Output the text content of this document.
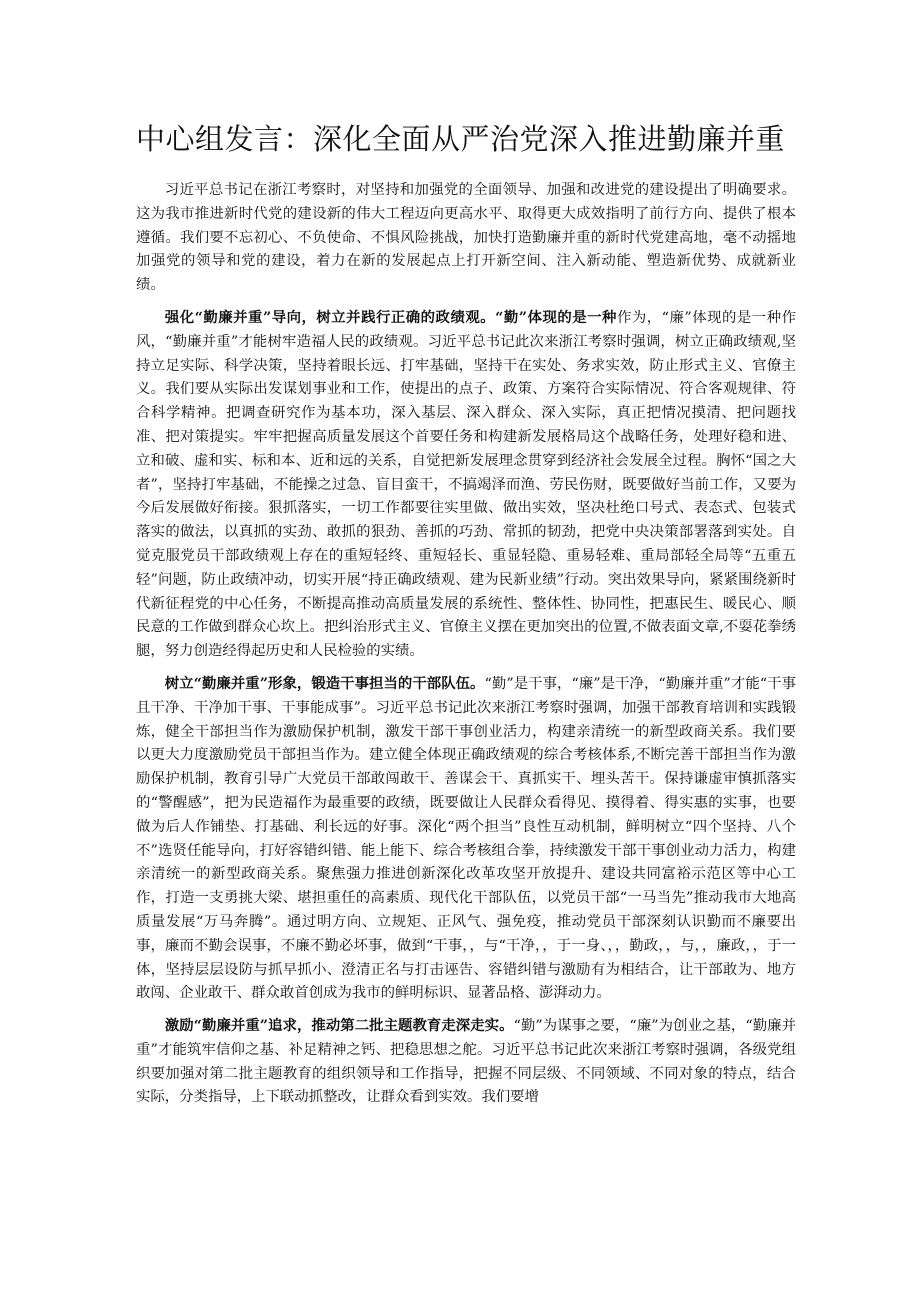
中心组发言：深化全面从严治党深入推进勤廉并重

习近平总书记在浙江考察时，对坚持和加强党的全面领导、加强和改进党的建设提出了明确要求。这为我市推进新时代党的建设新的伟大工程迈向更高水平、取得更大成效指明了前行方向、提供了根本遵循。我们要不忘初心、不负使命、不惧风险挑战，加快打造勤廉并重的新时代党建高地，毫不动摇地加强党的领导和党的建设，着力在新的发展起点上打开新空间、注入新动能、塑造新优势、成就新业绩。

强化“勤廉并重”导向，树立并践行正确的政绩观。“勤”体现的是一种作为，“廉”体现的是一种作风，“勤廉并重”才能树牢造福人民的政绩观。习近平总书记此次来浙江考察时强调，树立正确政绩观,坚持立足实际、科学决策，坚持着眼长远、打牢基础，坚持干在实处、务求实效，防止形式主义、官僚主义。我们要从实际出发谋划事业和工作，使提出的点子、政策、方案符合实际情况、符合客观规律、符合科学精神。把调查研究作为基本功，深入基层、深入群众、深入实际，真正把情况摸清、把问题找准、把对策提实。牢牢把握高质量发展这个首要任务和构建新发展格局这个战略任务，处理好稳和进、立和破、虚和实、标和本、近和远的关系，自觉把新发展理念贯穿到经济社会发展全过程。胸怀“国之大者”，坚持打牢基础，不能操之过急、盲目蛮干，不搞竭泽而渔、劳民伤财，既要做好当前工作，又要为今后发展做好衔接。狠抓落实，一切工作都要往实里做、做出实效，坚决杜绝口号式、表态式、包装式落实的做法，以真抓的实劲、敢抓的狠劲、善抓的巧劲、常抓的韧劲，把党中央决策部署落到实处。自觉克服党员干部政绩观上存在的重短轻终、重短轻长、重显轻隐、重易轻难、重局部轻全局等“五重五轻”问题，防止政绩冲动，切实开展“持正确政绩观、建为民新业绩”行动。突出效果导向，紧紧围绕新时代新征程党的中心任务，不断提高推动高质量发展的系统性、整体性、协同性，把惠民生、暖民心、顺民意的工作做到群众心坎上。把纠治形式主义、官僚主义摆在更加突出的位置,不做表面文章,不耍花拳绣腿，努力创造经得起历史和人民检验的实绩。

树立“勤廉并重”形象，锻造干事担当的干部队伍。“勤”是干事，“廉”是干净，“勤廉并重”才能“干事且干净、干净加干事、干事能成事”。习近平总书记此次来浙江考察时强调，加强干部教育培训和实践锻炼，健全干部担当作为激励保护机制，激发干部干事创业活力，构建亲清统一的新型政商关系。我们要以更大力度激励党员干部担当作为。建立健全体现正确政绩观的综合考核体系,不断完善干部担当作为激励保护机制，教育引导广大党员干部敢闯敢干、善谋会干、真抓实干、埋头苦干。保持谦虚审慎抓落实的“警醒感”，把为民造福作为最重要的政绩，既要做让人民群众看得见、摸得着、得实惠的实事，也要做为后人作铺垫、打基础、利长远的好事。深化“两个担当”良性互动机制，鲜明树立“四个坚持、八个不”选贤任能导向，打好容错纠错、能上能下、综合考核组合拳，持续激发干部干事创业动力活力，构建亲清统一的新型政商关系。聚焦强力推进创新深化改革攻坚开放提升、建设共同富裕示范区等中心工作，打造一支勇挑大梁、堪担重任的高素质、现代化干部队伍，以党员干部“一马当先”推动我市大地高质量发展“万马奔腾”。通过明方向、立规矩、正风气、强免疫，推动党员干部深刻认识勤而不廉要出事，廉而不勤会误事，不廉不勤必坏事，做到“干事，，与“干净，，于一身、，，勤政，，与，，廉政，，于一体，坚持层层设防与抓早抓小、澄清正名与打击诬告、容错纠错与激励有为相结合，让干部敢为、地方敢闯、企业敢干、群众敢首创成为我市的鲜明标识、显著品格、澎湃动力。

激励“勤廉并重”追求，推动第二批主题教育走深走实。“勤”为谋事之要，“廉”为创业之基，“勤廉并重”才能筑牢信仰之基、补足精神之钙、把稳思想之舵。习近平总书记此次来浙江考察时强调，各级党组织要加强对第二批主题教育的组织领导和工作指导，把握不同层级、不同领域、不同对象的特点，结合实际，分类指导，上下联动抓整改，让群众看到实效。我们要增
